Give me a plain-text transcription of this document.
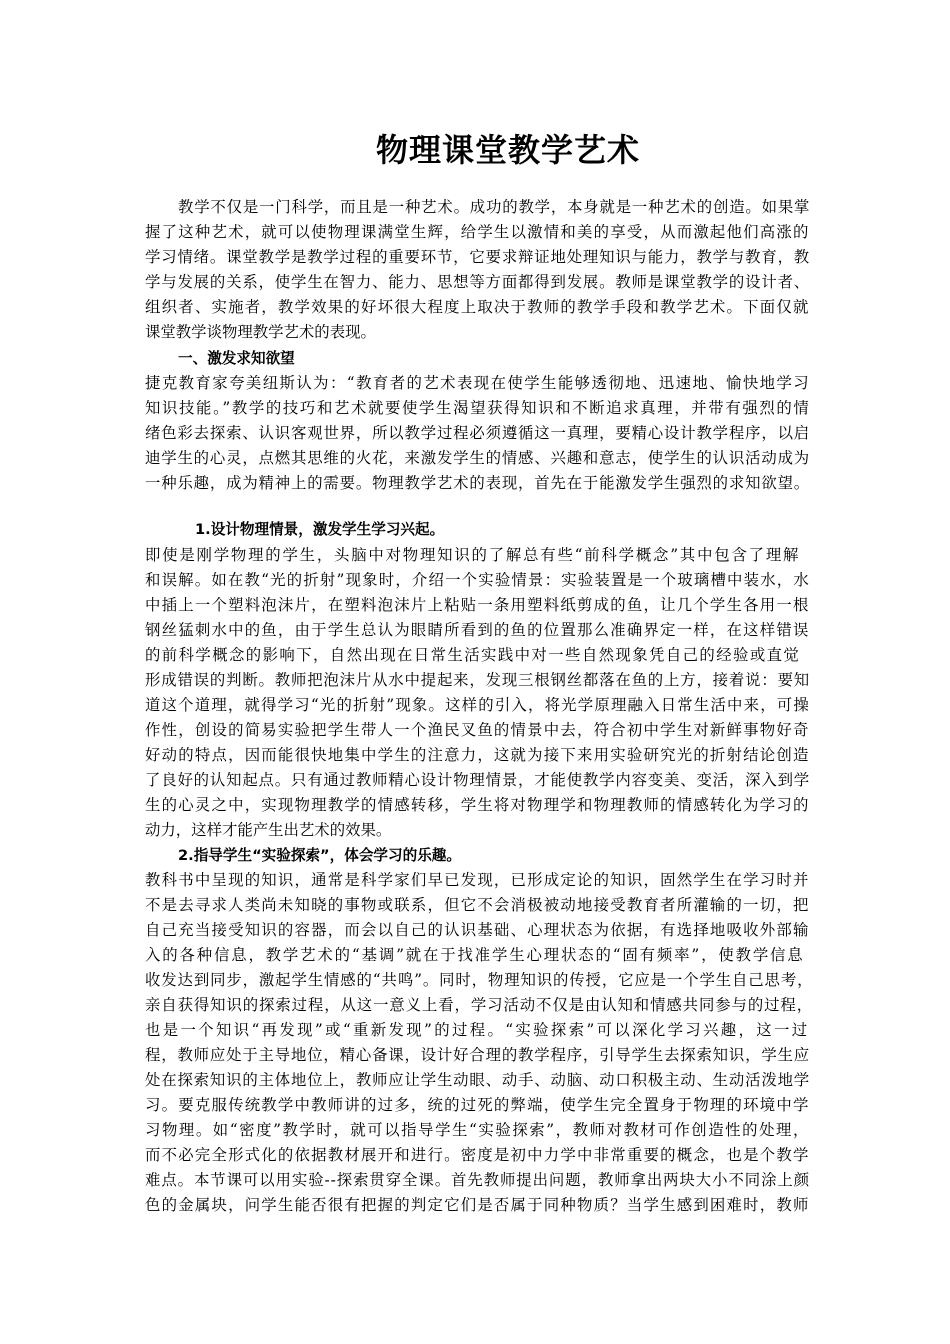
物理课堂教学艺术
教学不仅是一门科学，而且是一种艺术。成功的教学，本身就是一种艺术的创造。如果掌
握了这种艺术，就可以使物理课满堂生辉，给学生以激情和美的享受，从而激起他们高涨的
学习情绪。课堂教学是教学过程的重要环节，它要求辩证地处理知识与能力，教学与教育，教
学与发展的关系，使学生在智力、能力、思想等方面都得到发展。教师是课堂教学的设计者、
组织者、实施者，教学效果的好坏很大程度上取决于教师的教学手段和教学艺术。下面仅就
课堂教学谈物理教学艺术的表现。
一、激发求知欲望
捷克教育家夸美纽斯认为：“教育者的艺术表现在使学生能够透彻地、迅速地、愉快地学习
知识技能。”教学的技巧和艺术就要使学生渴望获得知识和不断追求真理，并带有强烈的情
绪色彩去探索、认识客观世界，所以教学过程必须遵循这一真理，要精心设计教学程序，以启
迪学生的心灵，点燃其思维的火花，来激发学生的情感、兴趣和意志，使学生的认识活动成为
一种乐趣，成为精神上的需要。物理教学艺术的表现，首先在于能激发学生强烈的求知欲望。
1.设计物理情景，激发学生学习兴起。
即使是刚学物理的学生，头脑中对物理知识的了解总有些“前科学概念”其中包含了理解
和误解。如在教“光的折射”现象时，介绍一个实验情景：实验装置是一个玻璃槽中装水，水
中插上一个塑料泡沫片，在塑料泡沫片上粘贴一条用塑料纸剪成的鱼，让几个学生各用一根
钢丝猛刺水中的鱼，由于学生总认为眼睛所看到的鱼的位置那么准确界定一样，在这样错误
的前科学概念的影响下，自然出现在日常生活实践中对一些自然现象凭自己的经验或直觉
形成错误的判断。教师把泡沫片从水中提起来，发现三根钢丝都落在鱼的上方，接着说：要知
道这个道理，就得学习“光的折射”现象。这样的引入，将光学原理融入日常生活中来，可操
作性，创设的简易实验把学生带人一个渔民叉鱼的情景中去，符合初中学生对新鲜事物好奇
好动的特点，因而能很快地集中学生的注意力，这就为接下来用实验研究光的折射结论创造
了良好的认知起点。只有通过教师精心设计物理情景，才能使教学内容变美、变活，深入到学
生的心灵之中，实现物理教学的情感转移，学生将对物理学和物理教师的情感转化为学习的
动力，这样才能产生出艺术的效果。
2.指导学生“实验探索”，体会学习的乐趣。
教科书中呈现的知识，通常是科学家们早已发现，已形成定论的知识，固然学生在学习时并
不是去寻求人类尚未知晓的事物或联系，但它不会消极被动地接受教育者所灌输的一切，把
自己充当接受知识的容器，而会以自己的认识基础、心理状态为依据，有选择地吸收外部输
入的各种信息，教学艺术的“基调”就在于找准学生心理状态的“固有频率”，使教学信息
收发达到同步，激起学生情感的“共鸣”。同时，物理知识的传授，它应是一个学生自己思考，
亲自获得知识的探索过程，从这一意义上看，学习活动不仅是由认知和情感共同参与的过程，
也是一个知识“再发现”或“重新发现”的过程。“实验探索”可以深化学习兴趣，这一过
程，教师应处于主导地位，精心备课，设计好合理的教学程序，引导学生去探索知识，学生应
处在探索知识的主体地位上，教师应让学生动眼、动手、动脑、动口积极主动、生动活泼地学
习。要克服传统教学中教师讲的过多，统的过死的弊端，使学生完全置身于物理的环境中学
习物理。如“密度”教学时，就可以指导学生“实验探索”，教师对教材可作创造性的处理，
而不必完全形式化的依据教材展开和进行。密度是初中力学中非常重要的概念，也是个教学
难点。本节课可以用实验--探索贯穿全课。首先教师提出问题，教师拿出两块大小不同涂上颜
色的金属块，问学生能否很有把握的判定它们是否属于同种物质？当学生感到困难时，教师
